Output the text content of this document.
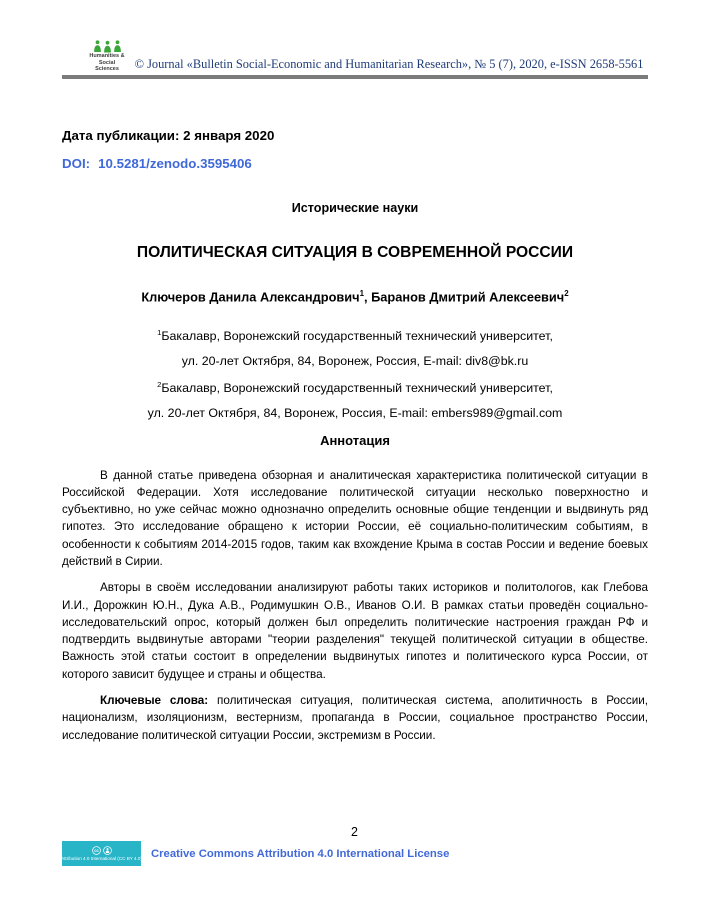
Humanities & Social
Sciences	© Journal «Bulletin Social-Economic and Humanitarian Research», № 5 (7), 2020, e-ISSN 2658-5561
Дата публикации: 2 января 2020
DOI: 10.5281/zenodo.3595406
Исторические науки
ПОЛИТИЧЕСКАЯ СИТУАЦИЯ В СОВРЕМЕННОЙ РОССИИ
Ключеров Данила Александрович$^1$, Баранов Дмитрий Алексеевич$^2$
$^1$Бакалавр, Воронежский государственный технический университет,
ул. 20-лет Октября, 84, Воронеж, Россия, E-mail: div8@bk.ru
$^2$Бакалавр, Воронежский государственный технический университет,
ул. 20-лет Октября, 84, Воронеж, Россия, E-mail: embers989@gmail.com
Аннотация

В данной статье приведена обзорная и аналитическая характеристика политической ситуации в Российской Федерации. Хотя исследование политической ситуации несколько поверхностно и субъективно, но уже сейчас можно однозначно определить основные общие тенденции и выдвинуть ряд гипотез. Это исследование обращено к истории России, её социально-политическим событиям, в особенности к событиям 2014-2015 годов, таким как вхождение Крыма в состав России и ведение боевых действий в Сирии.

Авторы в своём исследовании анализируют работы таких историков и политологов, как Глебова И.И., Дорожкин Ю.Н., Дука А.В., Родимушкин О.В., Иванов О.И. В рамках статьи проведён социально-исследовательский опрос, который должен был определить политические настроения граждан РФ и подтвердить выдвинутые авторами "теории разделения" текущей политической ситуации в обществе. Важность этой статьи состоит в определении выдвинутых гипотез и политического курса России, от которого зависит будущее и страны и общества.

Ключевые слова: политическая ситуация, политическая система, аполитичность в России, национализм, изоляционизм, вестернизм, пропаганда в России, социальное пространство России, исследование политической ситуации России, экстремизм в России.

2
cc
Attribution 4.0 International (CC BY 4.0) Creative Commons Attribution 4.0 International License
